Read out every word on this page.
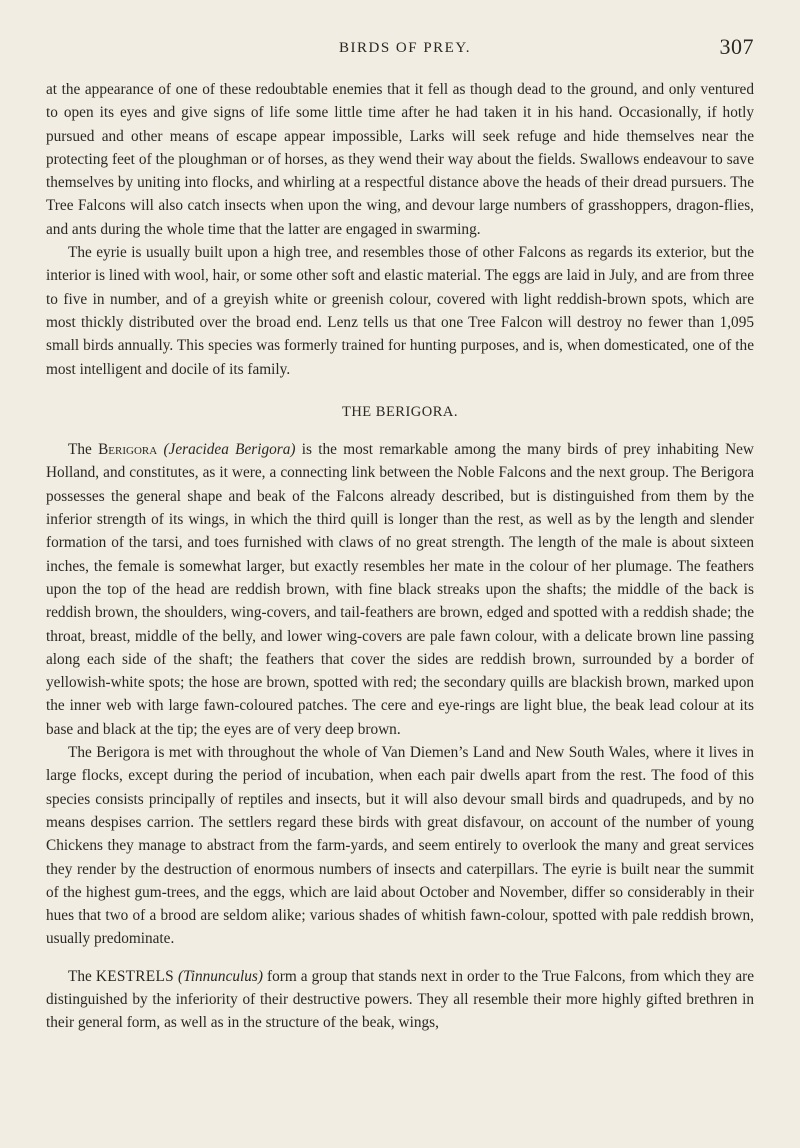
BIRDS OF PREY.	307

at the appearance of one of these redoubtable enemies that it fell as though dead to the ground, and only ventured to open its eyes and give signs of life some little time after he had taken it in his hand. Occasionally, if hotly pursued and other means of escape appear impossible, Larks will seek refuge and hide themselves near the protecting feet of the ploughman or of horses, as they wend their way about the fields. Swallows endeavour to save themselves by uniting into flocks, and whirling at a respectful distance above the heads of their dread pursuers. The Tree Falcons will also catch insects when upon the wing, and devour large numbers of grasshoppers, dragon-flies, and ants during the whole time that the latter are engaged in swarming.

The eyrie is usually built upon a high tree, and resembles those of other Falcons as regards its exterior, but the interior is lined with wool, hair, or some other soft and elastic material. The eggs are laid in July, and are from three to five in number, and of a greyish white or greenish colour, covered with light reddish-brown spots, which are most thickly distributed over the broad end. Lenz tells us that one Tree Falcon will destroy no fewer than 1,095 small birds annually. This species was formerly trained for hunting purposes, and is, when domesticated, one of the most intelligent and docile of its family.

THE BERIGORA.

The Berigora (Jeracidea Berigora) is the most remarkable among the many birds of prey inhabiting New Holland, and constitutes, as it were, a connecting link between the Noble Falcons and the next group. The Berigora possesses the general shape and beak of the Falcons already described, but is distinguished from them by the inferior strength of its wings, in which the third quill is longer than the rest, as well as by the length and slender formation of the tarsi, and toes furnished with claws of no great strength. The length of the male is about sixteen inches, the female is somewhat larger, but exactly resembles her mate in the colour of her plumage. The feathers upon the top of the head are reddish brown, with fine black streaks upon the shafts; the middle of the back is reddish brown, the shoulders, wing-covers, and tail-feathers are brown, edged and spotted with a reddish shade; the throat, breast, middle of the belly, and lower wing-covers are pale fawn colour, with a delicate brown line passing along each side of the shaft; the feathers that cover the sides are reddish brown, surrounded by a border of yellowish-white spots; the hose are brown, spotted with red; the secondary quills are blackish brown, marked upon the inner web with large fawn-coloured patches. The cere and eye-rings are light blue, the beak lead colour at its base and black at the tip; the eyes are of very deep brown.

The Berigora is met with throughout the whole of Van Diemen’s Land and New South Wales, where it lives in large flocks, except during the period of incubation, when each pair dwells apart from the rest. The food of this species consists principally of reptiles and insects, but it will also devour small birds and quadrupeds, and by no means despises carrion. The settlers regard these birds with great disfavour, on account of the number of young Chickens they manage to abstract from the farm-yards, and seem entirely to overlook the many and great services they render by the destruction of enormous numbers of insects and caterpillars. The eyrie is built near the summit of the highest gum-trees, and the eggs, which are laid about October and November, differ so considerably in their hues that two of a brood are seldom alike; various shades of whitish fawn-colour, spotted with pale reddish brown, usually predominate.

The KESTRELS (Tinnunculus) form a group that stands next in order to the True Falcons, from which they are distinguished by the inferiority of their destructive powers. They all resemble their more highly gifted brethren in their general form, as well as in the structure of the beak, wings,
